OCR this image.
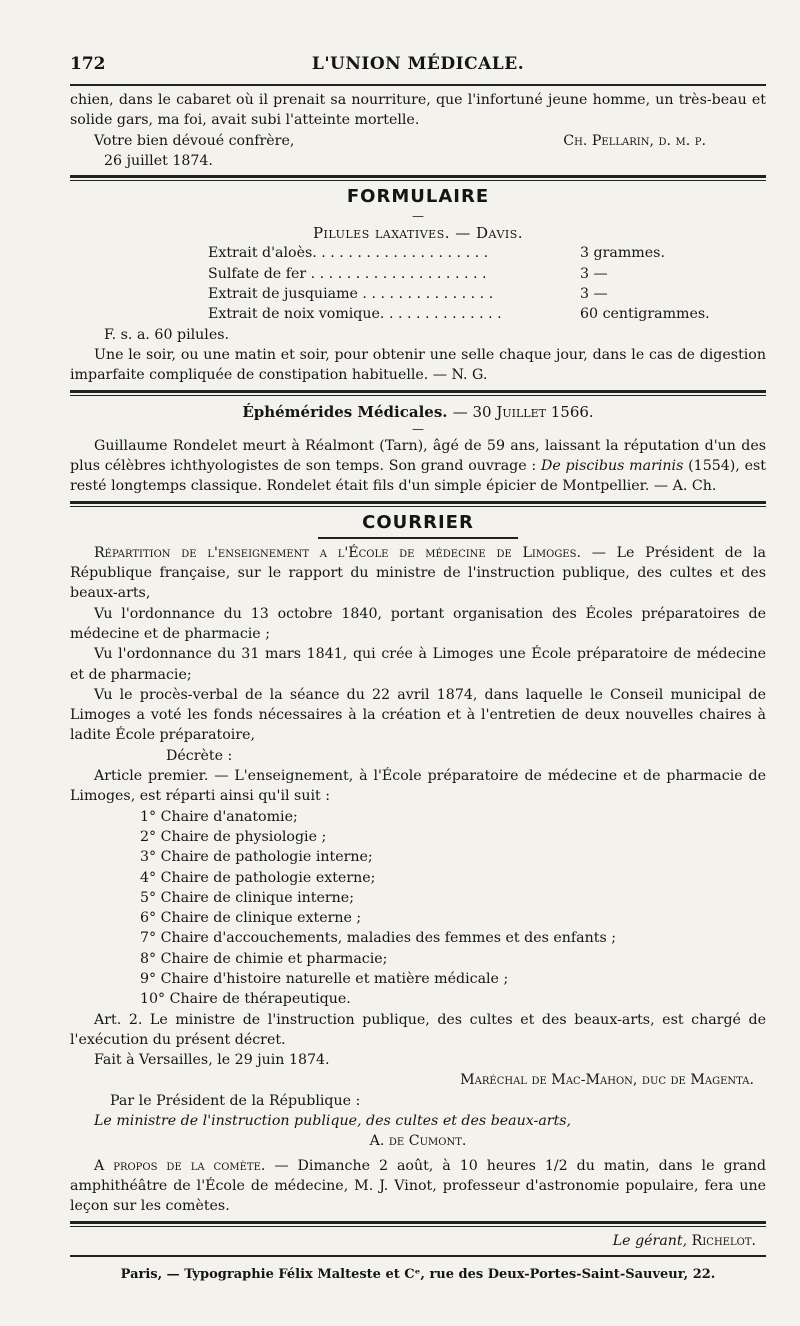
172	L'UNION MÉDICALE.

chien, dans le cabaret où il prenait sa nourriture, que l'infortuné jeune homme, un très-beau et solide gars, ma foi, avait subi l'atteinte mortelle.

Votre bien dévoué confrère,	Ch. Pellarin, d. m. p.
26 juillet 1874.
FORMULAIRE
—
Pilules laxatives. — Davis.
Extrait d'aloès. . . . . . . . . . . . . . . . . . . .	3 grammes.
Sulfate de fer . . . . . . . . . . . . . . . . . . . .	3 —
Extrait de jusquiame . . . . . . . . . . . . . . .	3 —
Extrait de noix vomique. . . . . . . . . . . . . .	60 centigrammes.
F. s. a. 60 pilules.

Une le soir, ou une matin et soir, pour obtenir une selle chaque jour, dans le cas de digestion imparfaite compliquée de constipation habituelle. — N. G.

Éphémérides Médicales. — 30 Juillet 1566.
—

Guillaume Rondelet meurt à Réalmont (Tarn), âgé de 59 ans, laissant la réputation d'un des plus célèbres ichthyologistes de son temps. Son grand ouvrage : De piscibus marinis (1554), est resté longtemps classique. Rondelet était fils d'un simple épicier de Montpellier. — A. Ch.

COURRIER

Répartition de l'enseignement a l'École de médecine de Limoges. — Le Président de la République française, sur le rapport du ministre de l'instruction publique, des cultes et des beaux-arts,

Vu l'ordonnance du 13 octobre 1840, portant organisation des Écoles préparatoires de médecine et de pharmacie ;

Vu l'ordonnance du 31 mars 1841, qui crée à Limoges une École préparatoire de médecine et de pharmacie;

Vu le procès-verbal de la séance du 22 avril 1874, dans laquelle le Conseil municipal de Limoges a voté les fonds nécessaires à la création et à l'entretien de deux nouvelles chaires à ladite École préparatoire,

Décrète :

Article premier. — L'enseignement, à l'École préparatoire de médecine et de pharmacie de Limoges, est réparti ainsi qu'il suit :

1° Chaire d'anatomie;
2° Chaire de physiologie ;
3° Chaire de pathologie interne;
4° Chaire de pathologie externe;
5° Chaire de clinique interne;
6° Chaire de clinique externe ;
7° Chaire d'accouchements, maladies des femmes et des enfants ;
8° Chaire de chimie et pharmacie;
9° Chaire d'histoire naturelle et matière médicale ;
10° Chaire de thérapeutique.

Art. 2. Le ministre de l'instruction publique, des cultes et des beaux-arts, est chargé de l'exécution du présent décret.

Fait à Versailles, le 29 juin 1874.

Maréchal de Mac-Mahon, duc de Magenta.

Par le Président de la République :

Le ministre de l'instruction publique, des cultes et des beaux-arts,

A. de Cumont.

A propos de la comète. — Dimanche 2 août, à 10 heures 1/2 du matin, dans le grand amphithéâtre de l'École de médecine, M. J. Vinot, professeur d'astronomie populaire, fera une leçon sur les comètes.

Le gérant, Richelot.
Paris, — Typographie Félix Malteste et Cᵉ, rue des Deux-Portes-Saint-Sauveur, 22.
